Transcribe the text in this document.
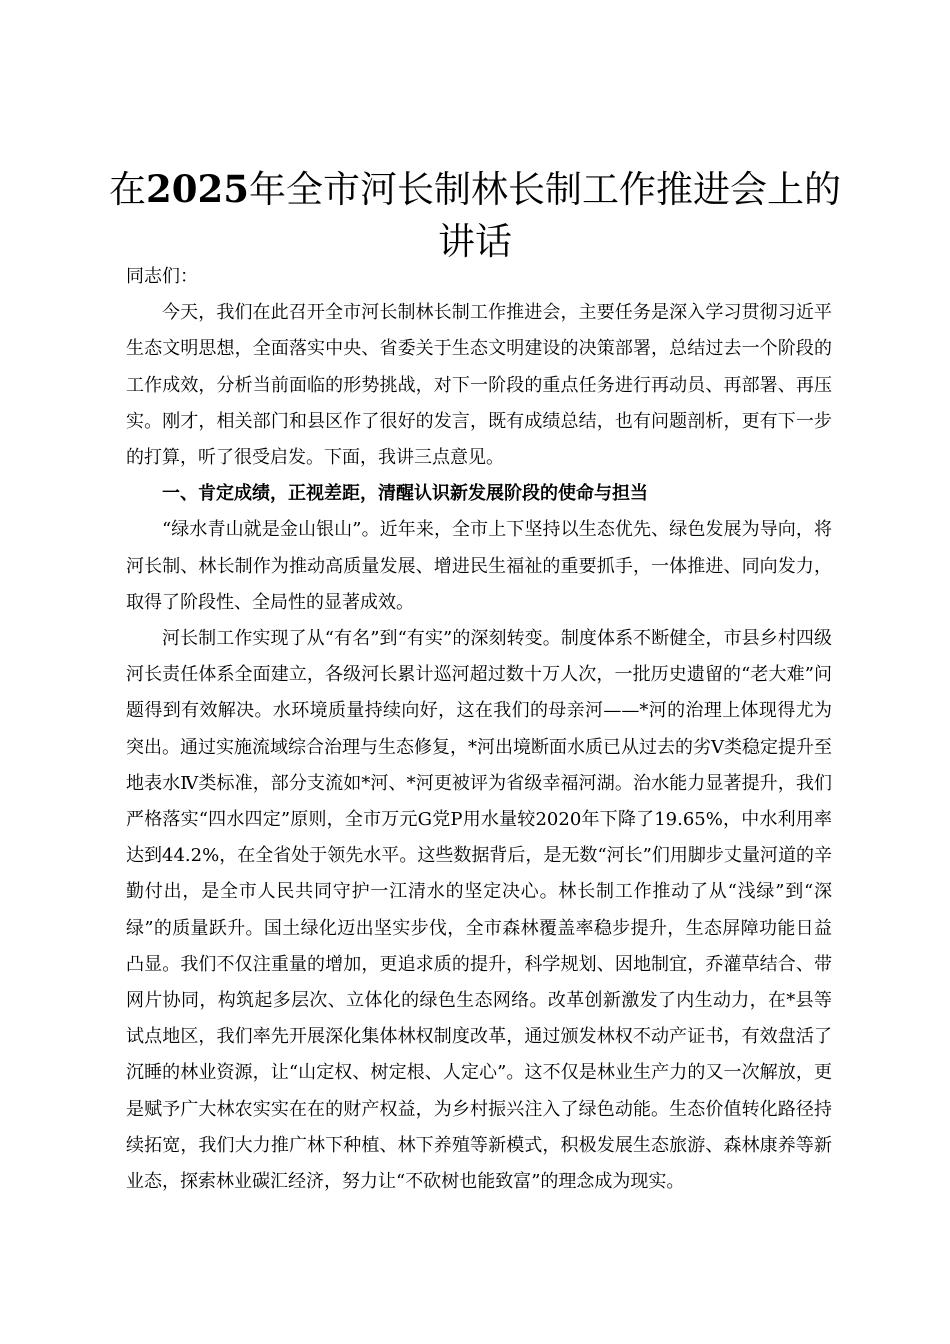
在2025年全市河长制林长制工作推进会上的讲话

同志们：

今天，我们在此召开全市河长制林长制工作推进会，主要任务是深入学习贯彻习近平生态文明思想，全面落实中央、省委关于生态文明建设的决策部署，总结过去一个阶段的工作成效，分析当前面临的形势挑战，对下一阶段的重点任务进行再动员、再部署、再压实。刚才，相关部门和县区作了很好的发言，既有成绩总结，也有问题剖析，更有下一步的打算，听了很受启发。下面，我讲三点意见。

一、肯定成绩，正视差距，清醒认识新发展阶段的使命与担当

“绿水青山就是金山银山”。近年来，全市上下坚持以生态优先、绿色发展为导向，将河长制、林长制作为推动高质量发展、增进民生福祉的重要抓手，一体推进、同向发力，取得了阶段性、全局性的显著成效。

河长制工作实现了从“有名”到“有实”的深刻转变。制度体系不断健全，市县乡村四级河长责任体系全面建立，各级河长累计巡河超过数十万人次，一批历史遗留的“老大难”问题得到有效解决。水环境质量持续向好，这在我们的母亲河——*河的治理上体现得尤为突出。通过实施流域综合治理与生态修复，*河出境断面水质已从过去的劣Ⅴ类稳定提升至地表水Ⅳ类标准，部分支流如*河、*河更被评为省级幸福河湖。治水能力显著提升，我们严格落实“四水四定”原则，全市万元G党P用水量较2020年下降了19.65%，中水利用率达到44.2%，在全省处于领先水平。这些数据背后，是无数“河长”们用脚步丈量河道的辛勤付出，是全市人民共同守护一江清水的坚定决心。林长制工作推动了从“浅绿”到“深绿”的质量跃升。国土绿化迈出坚实步伐，全市森林覆盖率稳步提升，生态屏障功能日益凸显。我们不仅注重量的增加，更追求质的提升，科学规划、因地制宜，乔灌草结合、带网片协同，构筑起多层次、立体化的绿色生态网络。改革创新激发了内生动力，在*县等试点地区，我们率先开展深化集体林权制度改革，通过颁发林权不动产证书，有效盘活了沉睡的林业资源，让“山定权、树定根、人定心”。这不仅是林业生产力的又一次解放，更是赋予广大林农实实在在的财产权益，为乡村振兴注入了绿色动能。生态价值转化路径持续拓宽，我们大力推广林下种植、林下养殖等新模式，积极发展生态旅游、森林康养等新业态，探索林业碳汇经济，努力让“不砍树也能致富”的理念成为现实。
